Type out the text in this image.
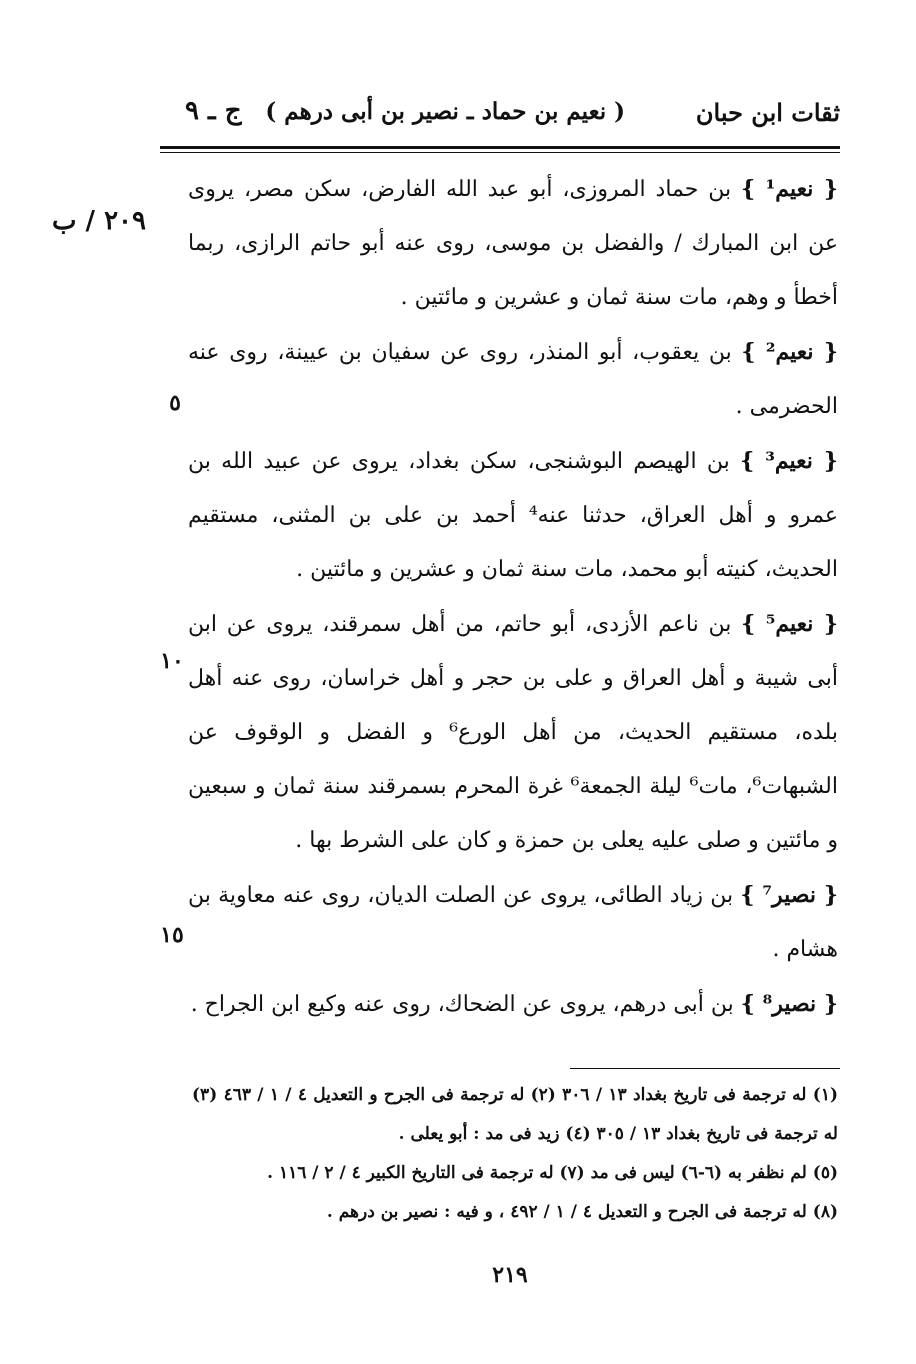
ثقات ابن حبان
( نعيم بن حماد ـ نصير بن أبى درهم )
ج ـ ٩
٢٠٩ / ب
٥
١٠
١٥

{ نعيم¹ } بن حماد المروزى، أبو عبد الله الفارض، سكن مصر، يروى عن ابن المبارك / والفضل بن موسى، روى عنه أبو حاتم الرازى، ربما أخطأ و وهم، مات سنة ثمان و عشرين و مائتين .

{ نعيم² } بن يعقوب، أبو المنذر، روى عن سفيان بن عيينة، روى عنه الحضرمى .

{ نعيم³ } بن الهيصم البوشنجى، سكن بغداد، يروى عن عبيد الله بن عمرو و أهل العراق، حدثنا عنه⁴ أحمد بن على بن المثنى، مستقيم الحديث، كنيته أبو محمد، مات سنة ثمان و عشرين و مائتين .

{ نعيم⁵ } بن ناعم الأزدى، أبو حاتم، من أهل سمرقند، يروى عن ابن أبى شيبة و أهل العراق و على بن حجر و أهل خراسان، روى عنه أهل بلده، مستقيم الحديث، من أهل الورع⁶ و الفضل و الوقوف عن الشبهات⁶، مات⁶ ليلة الجمعة⁶ غرة المحرم بسمرقند سنة ثمان و سبعين و مائتين و صلى عليه يعلى بن حمزة و كان على الشرط بها .

{ نصير⁷ } بن زياد الطائى، يروى عن الصلت الديان، روى عنه معاوية بن هشام .

{ نصير⁸ } بن أبى درهم، يروى عن الضحاك، روى عنه وكيع ابن الجراح .

(١) له ترجمة فى تاريخ بغداد ١٣ / ٣٠٦ (٢) له ترجمة فى الجرح و التعديل ٤ / ١ / ٤٦٣ (٣) له ترجمة فى تاريخ بغداد ١٣ / ٣٠٥ (٤) زيد فى مد : أبو يعلى .

(٥) لم نظفر به (٦-٦) ليس فى مد (٧) له ترجمة فى التاريخ الكبير ٤ / ٢ / ١١٦ .

(٨) له ترجمة فى الجرح و التعديل ٤ / ١ / ٤٩٢ ، و فيه : نصير بن درهم .

٢١٩
